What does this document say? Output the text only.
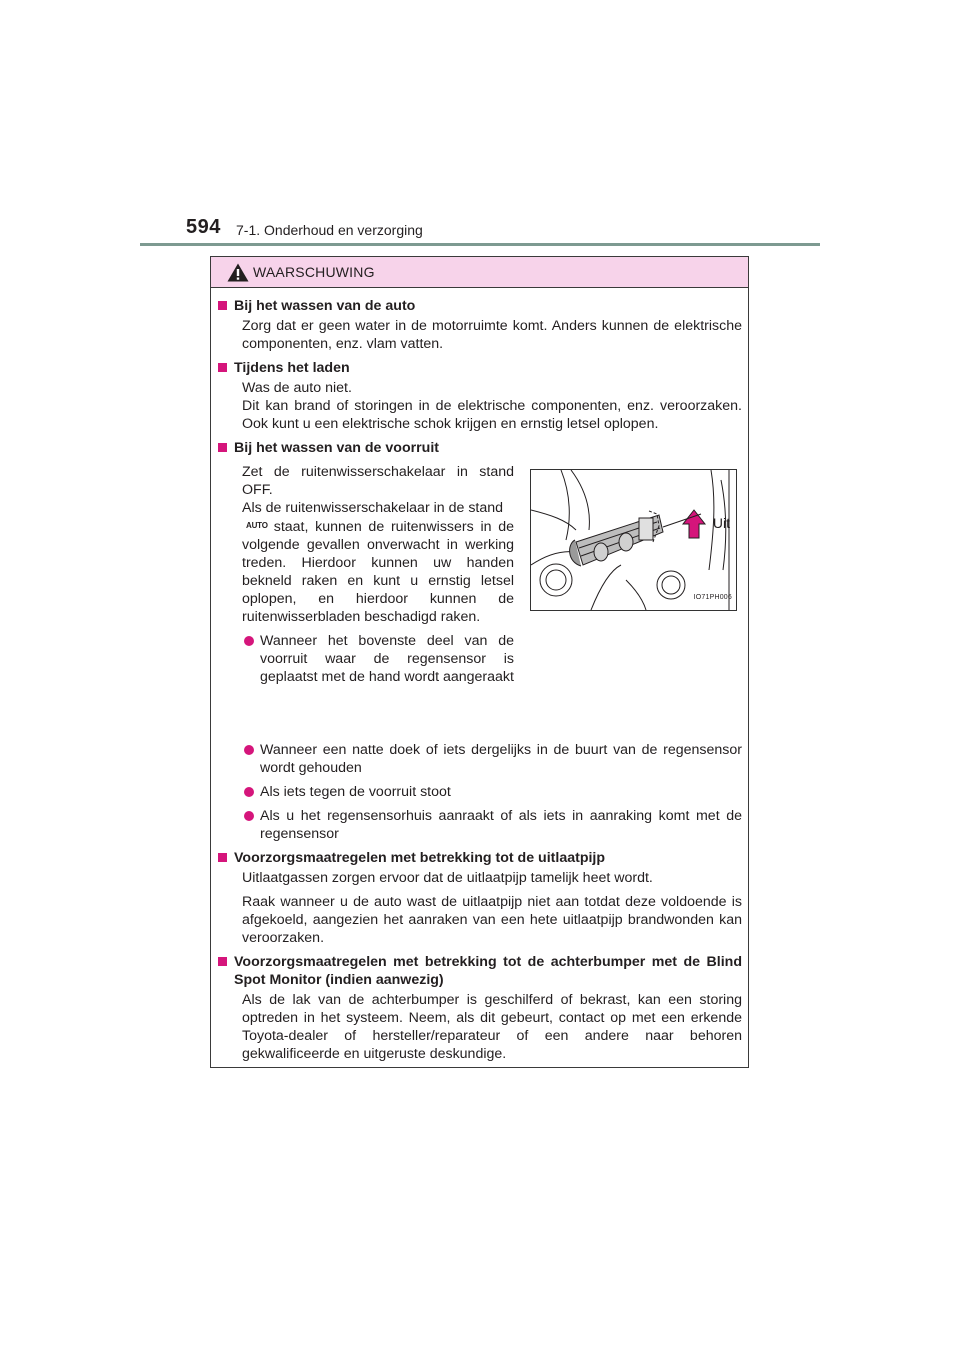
594 7-1. Onderhoud en verzorging
WAARSCHUWING
Bij het wassen van de auto

Zorg dat er geen water in de motorruimte komt. Anders kunnen de elektrische componenten, enz. vlam vatten.

Tijdens het laden

Was de auto niet.

Dit kan brand of storingen in de elektrische componenten, enz. veroorzaken. Ook kunt u een elektrische schok krijgen en ernstig letsel oplopen.

Bij het wassen van de voorruit
Zet de ruitenwisserschakelaar in stand OFF.
Als de ruitenwisserschakelaar in de stand
AUTO staat, kunnen de ruitenwissers in de volgende gevallen onverwacht in werking treden. Hierdoor kunnen uw handen bekneld raken en kunt u ernstig letsel oplopen, en hierdoor kunnen de ruitenwisserbladen beschadigd raken.
Wanneer het bovenste deel van de voorruit waar de regensensor is geplaatst met de hand wordt aangeraakt
Uit
IO71PH006
Wanneer een natte doek of iets dergelijks in de buurt van de regensensor wordt gehouden
Als iets tegen de voorruit stoot
Als u het regensensorhuis aanraakt of als iets in aanraking komt met de regensensor
Voorzorgsmaatregelen met betrekking tot de uitlaatpijp

Uitlaatgassen zorgen ervoor dat de uitlaatpijp tamelijk heet wordt.

Raak wanneer u de auto wast de uitlaatpijp niet aan totdat deze voldoende is afgekoeld, aangezien het aanraken van een hete uitlaatpijp brandwonden kan veroorzaken.

Voorzorgsmaatregelen met betrekking tot de achterbumper met de Blind Spot Monitor (indien aanwezig)

Als de lak van de achterbumper is geschilferd of bekrast, kan een storing optreden in het systeem. Neem, als dit gebeurt, contact op met een erkende Toyota-dealer of hersteller/reparateur of een andere naar behoren gekwalificeerde en uitgeruste deskundige.
